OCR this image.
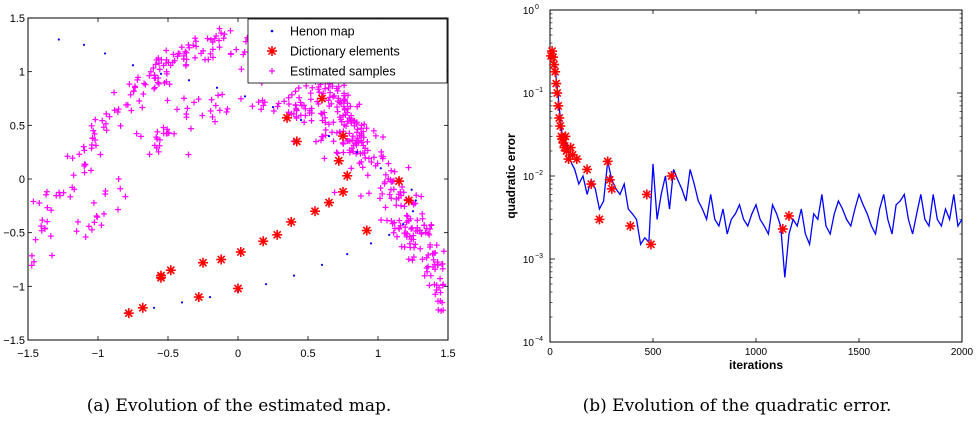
−1.5	−1	−0.5	0	0.5	1	1.5
1.5
1
0.5
0
−0.5
−1
−1.5
Henon map
Dictionary elements
Estimated samples
0	500	1000	1500	2000
10 0
10 −1
10 −2
10 −3
10 −4
iterations
quadratic error
(a) Evolution of the estimated map.	(b) Evolution of the quadratic error.
